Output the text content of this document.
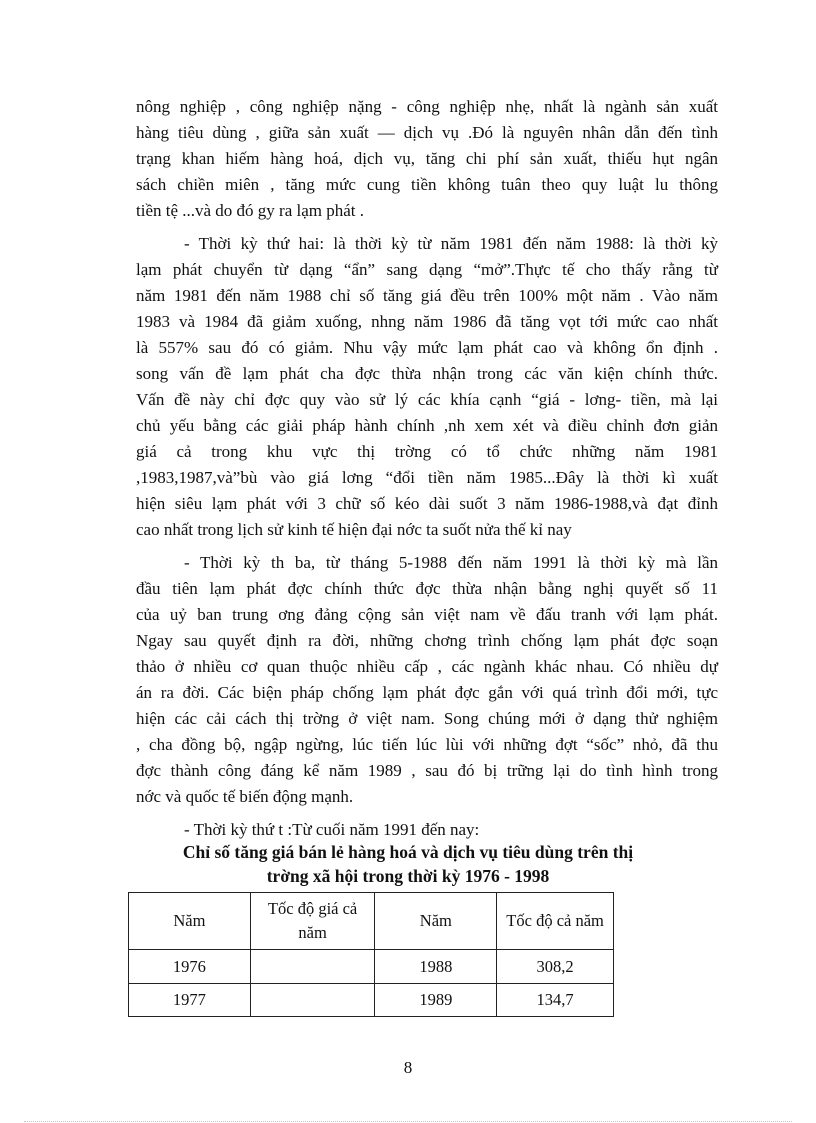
nông nghiệp , công nghiệp nặng - công nghiệp nhẹ, nhất là ngành sản xuất
hàng tiêu dùng , giữa sản xuất — dịch vụ .Đó là nguyên nhân dẫn đến tình
trạng khan hiếm hàng hoá, dịch vụ, tăng chi phí sản xuất, thiếu hụt ngân
sách chiền miên , tăng mức cung tiền không tuân theo quy luật lu thông
tiền tệ ...và do đó gy ra lạm phát .
- Thời kỳ thứ hai: là thời kỳ từ năm 1981 đến năm 1988: là thời kỳ
lạm phát chuyển từ dạng “ẩn” sang dạng “mở”.Thực tế cho thấy rằng từ
năm 1981 đến năm 1988 chỉ số tăng giá đều trên 100% một năm . Vào năm
1983 và 1984 đã giảm xuống, nhng năm 1986 đã tăng vọt tới mức cao nhất
là 557% sau đó có giảm. Nhu vậy mức lạm phát cao và không ổn định .
song vấn đề lạm phát cha đợc thừa nhận trong các văn kiện chính thức.
Vấn đề này chỉ đợc quy vào sử lý các khía cạnh “giá - lơng- tiền, mà lại
chủ yếu bằng các giải pháp hành chính ,nh xem xét và điều chỉnh đơn giản
giá cả trong khu vực thị trờng có tổ chức những năm 1981
,1983,1987,và”bù vào giá lơng “đổi tiền năm 1985...Đây là thời kì xuất
hiện siêu lạm phát với 3 chữ số kéo dài suốt 3 năm 1986-1988,và đạt đỉnh
cao nhất trong lịch sử kinh tế hiện đại nớc ta suốt nửa thế kỉ nay
- Thời kỳ th ba, từ tháng 5-1988 đến năm 1991 là thời kỳ mà lần
đầu tiên lạm phát đợc chính thức đợc thừa nhận bằng nghị quyết số 11
của uỷ ban trung ơng đảng cộng sản việt nam về đấu tranh với lạm phát.
Ngay sau quyết định ra đời, những chơng trình chống lạm phát đợc soạn
thảo ở nhiều cơ quan thuộc nhiều cấp , các ngành khác nhau. Có nhiều dự
án ra đời. Các biện pháp chống lạm phát đợc gắn với quá trình đổi mới, tực
hiện các cải cách thị trờng ở việt nam. Song chúng mới ở dạng thử nghiệm
, cha đồng bộ, ngập ngừng, lúc tiến lúc lùi với những đợt “sốc” nhỏ, đã thu
đợc thành công đáng kể năm 1989 , sau đó bị trững lại do tình hình trong
nớc và quốc tế biến động mạnh.
- Thời kỳ thứ t :Từ cuối năm 1991 đến nay:
Chỉ số tăng giá bán lẻ hàng hoá và dịch vụ tiêu dùng trên thị
trờng xã hội trong thời kỳ 1976 - 1998
Năm	Tốc độ giá cả năm	Năm	Tốc độ cả năm
1976		1988	308,2
1977		1989	134,7
8
